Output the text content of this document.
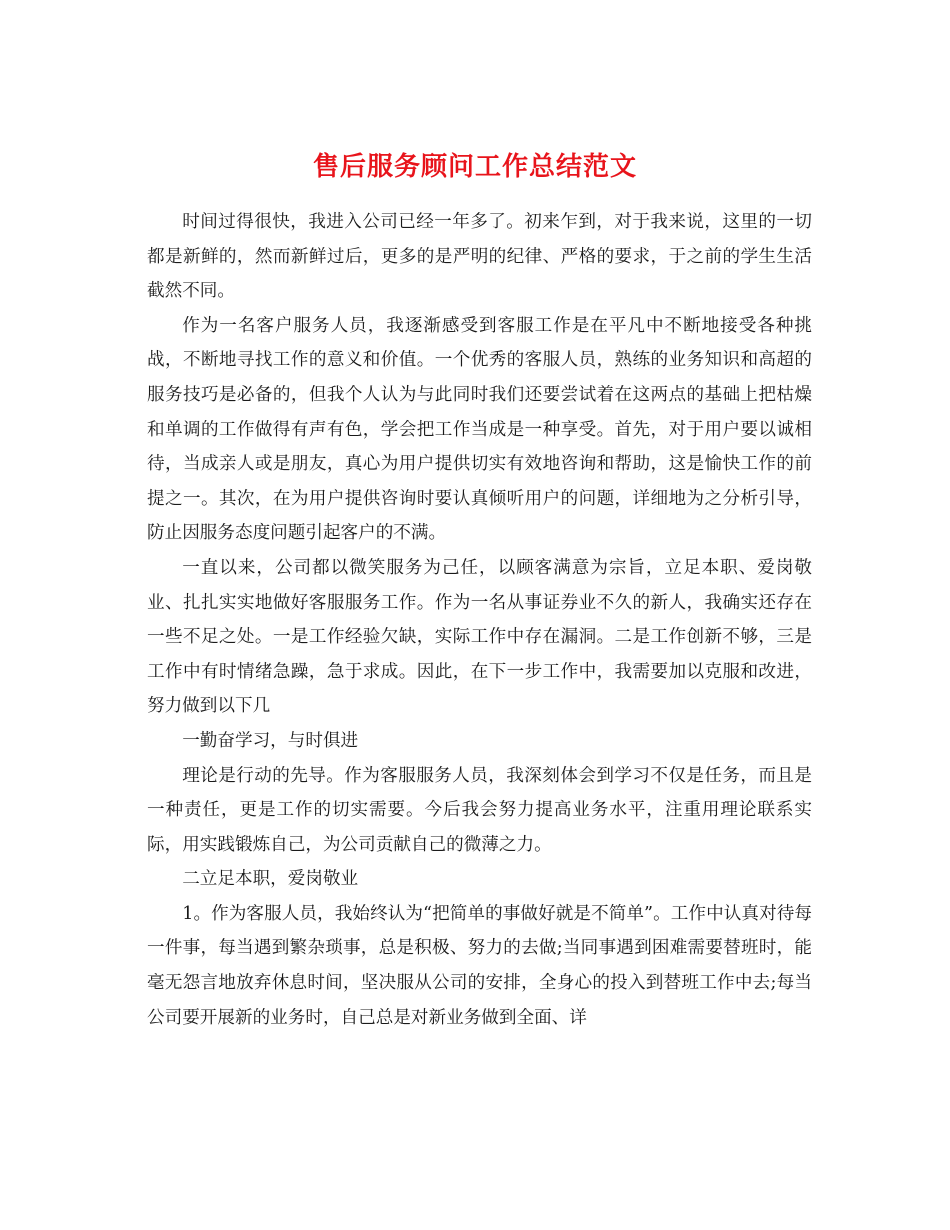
售后服务顾问工作总结范文

时间过得很快，我进入公司已经一年多了。初来乍到，对于我来说，这里的一切都是新鲜的，然而新鲜过后，更多的是严明的纪律、严格的要求，于之前的学生生活截然不同。

作为一名客户服务人员，我逐渐感受到客服工作是在平凡中不断地接受各种挑战，不断地寻找工作的意义和价值。一个优秀的客服人员，熟练的业务知识和高超的服务技巧是必备的，但我个人认为与此同时我们还要尝试着在这两点的基础上把枯燥和单调的工作做得有声有色，学会把工作当成是一种享受。首先，对于用户要以诚相待，当成亲人或是朋友，真心为用户提供切实有效地咨询和帮助，这是愉快工作的前提之一。其次，在为用户提供咨询时要认真倾听用户的问题，详细地为之分析引导，防止因服务态度问题引起客户的不满。

一直以来，公司都以微笑服务为己任，以顾客满意为宗旨，立足本职、爱岗敬业、扎扎实实地做好客服服务工作。作为一名从事证券业不久的新人，我确实还存在一些不足之处。一是工作经验欠缺，实际工作中存在漏洞。二是工作创新不够，三是工作中有时情绪急躁，急于求成。因此，在下一步工作中，我需要加以克服和改进，努力做到以下几

一勤奋学习，与时俱进

理论是行动的先导。作为客服服务人员，我深刻体会到学习不仅是任务，而且是一种责任，更是工作的切实需要。今后我会努力提高业务水平，注重用理论联系实际，用实践锻炼自己，为公司贡献自己的微薄之力。

二立足本职，爱岗敬业

1。作为客服人员，我始终认为“把简单的事做好就是不简单”。工作中认真对待每一件事，每当遇到繁杂琐事，总是积极、努力的去做;当同事遇到困难需要替班时，能毫无怨言地放弃休息时间，坚决服从公司的安排，全身心的投入到替班工作中去;每当公司要开展新的业务时，自己总是对新业务做到全面、详
